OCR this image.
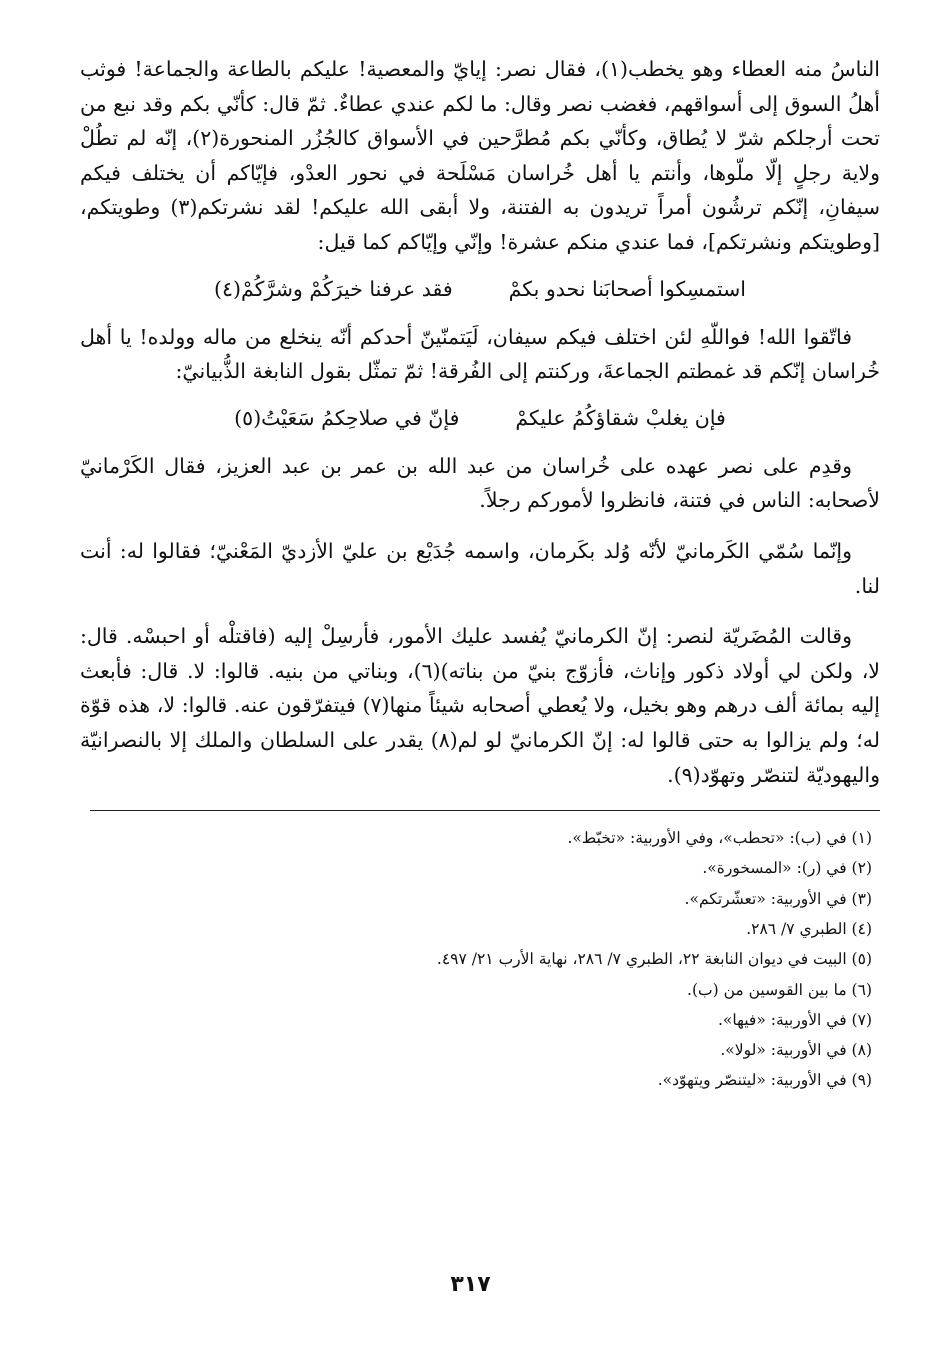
الناسُ منه العطاء وهو يخطب(١)، فقال نصر: إيايّ والمعصية! عليكم بالطاعة والجماعة! فوثب أهلُ السوق إلى أسواقهم، فغضب نصر وقال: ما لكم عندي عطاءٌ. ثمّ قال: كأنّي بكم وقد نبع من تحت أرجلكم شرّ لا يُطاق، وكأنّي بكم مُطرَّحين في الأسواق كالجُزُر المنحورة(٢)، إنّه لم تطُلْ ولاية رجلٍ إلّا ملّوها، وأنتم يا أهل خُراسان مَسْلَحة في نحور العدْو، فإيّاكم أن يختلف فيكم سيفانِ، إنّكم ترشُون أمراً تريدون به الفتنة، ولا أبقى الله عليكم! لقد نشرتكم(٣) وطويتكم، [وطويتكم ونشرتكم]، فما عندي منكم عشرة! وإنّي وإيّاكم كما قيل:

استمسِكوا أصحابَنا نحدو بكمْ
فقد عرفنا خيرَكُمْ وشرَّكُمْ(٤)

فاتّقوا الله! فواللّهِ لئن اختلف فيكم سيفان، لَيَتمنّينّ أحدكم أنّه ينخلع من ماله وولده! يا أهل خُراسان إنّكم قد غمطتم الجماعةَ، وركنتم إلى الفُرقة! ثمّ تمثّل بقول النابغة الذُّبيانيّ:

فإن يغلبْ شقاؤكُمُ عليكمْ
فإنّ في صلاحِكمُ سَعَيْتُ(٥)

وقدِم على نصر عهده على خُراسان من عبد الله بن عمر بن عبد العزيز، فقال الكَرْمانيّ لأصحابه: الناس في فتنة، فانظروا لأموركم رجلاً.

وإنّما سُمّي الكَرمانيّ لأنّه وُلد بكَرمان، واسمه جُدَيْع بن عليّ الأزديّ المَعْنيّ؛ فقالوا له: أنت لنا.

وقالت المُضَريّة لنصر: إنّ الكرمانيّ يُفسد عليك الأمور، فأرسِلْ إليه (فاقتلْه أو احبسْه. قال: لا، ولكن لي أولاد ذكور وإناث، فأزوّج بنيّ من بناته)(٦)، وبناتي من بنيه. قالوا: لا. قال: فأبعث إليه بمائة ألف درهم وهو بخيل، ولا يُعطي أصحابه شيئاً منها(٧) فيتفرّقون عنه. قالوا: لا، هذه قوّة له؛ ولم يزالوا به حتى قالوا له: إنّ الكرمانيّ لو لم(٨) يقدر على السلطان والملك إلا بالنصرانيّة واليهوديّة لتنصّر وتهوّد(٩).

(١) في (ب): «تحطب»، وفي الأوربية: «تخبّط».
(٢) في (ر): «المسخورة».
(٣) في الأوربية: «تعشّرتكم».
(٤) الطبري ٧/ ٢٨٦.
(٥) البيت في ديوان النابغة ٢٢، الطبري ٧/ ٢٨٦، نهاية الأرب ٢١/ ٤٩٧.
(٦) ما بين القوسين من (ب).
(٧) في الأوربية: «فيها».
(٨) في الأوربية: «لولا».
(٩) في الأوربية: «ليتنصّر ويتهوّد».
٣١٧
